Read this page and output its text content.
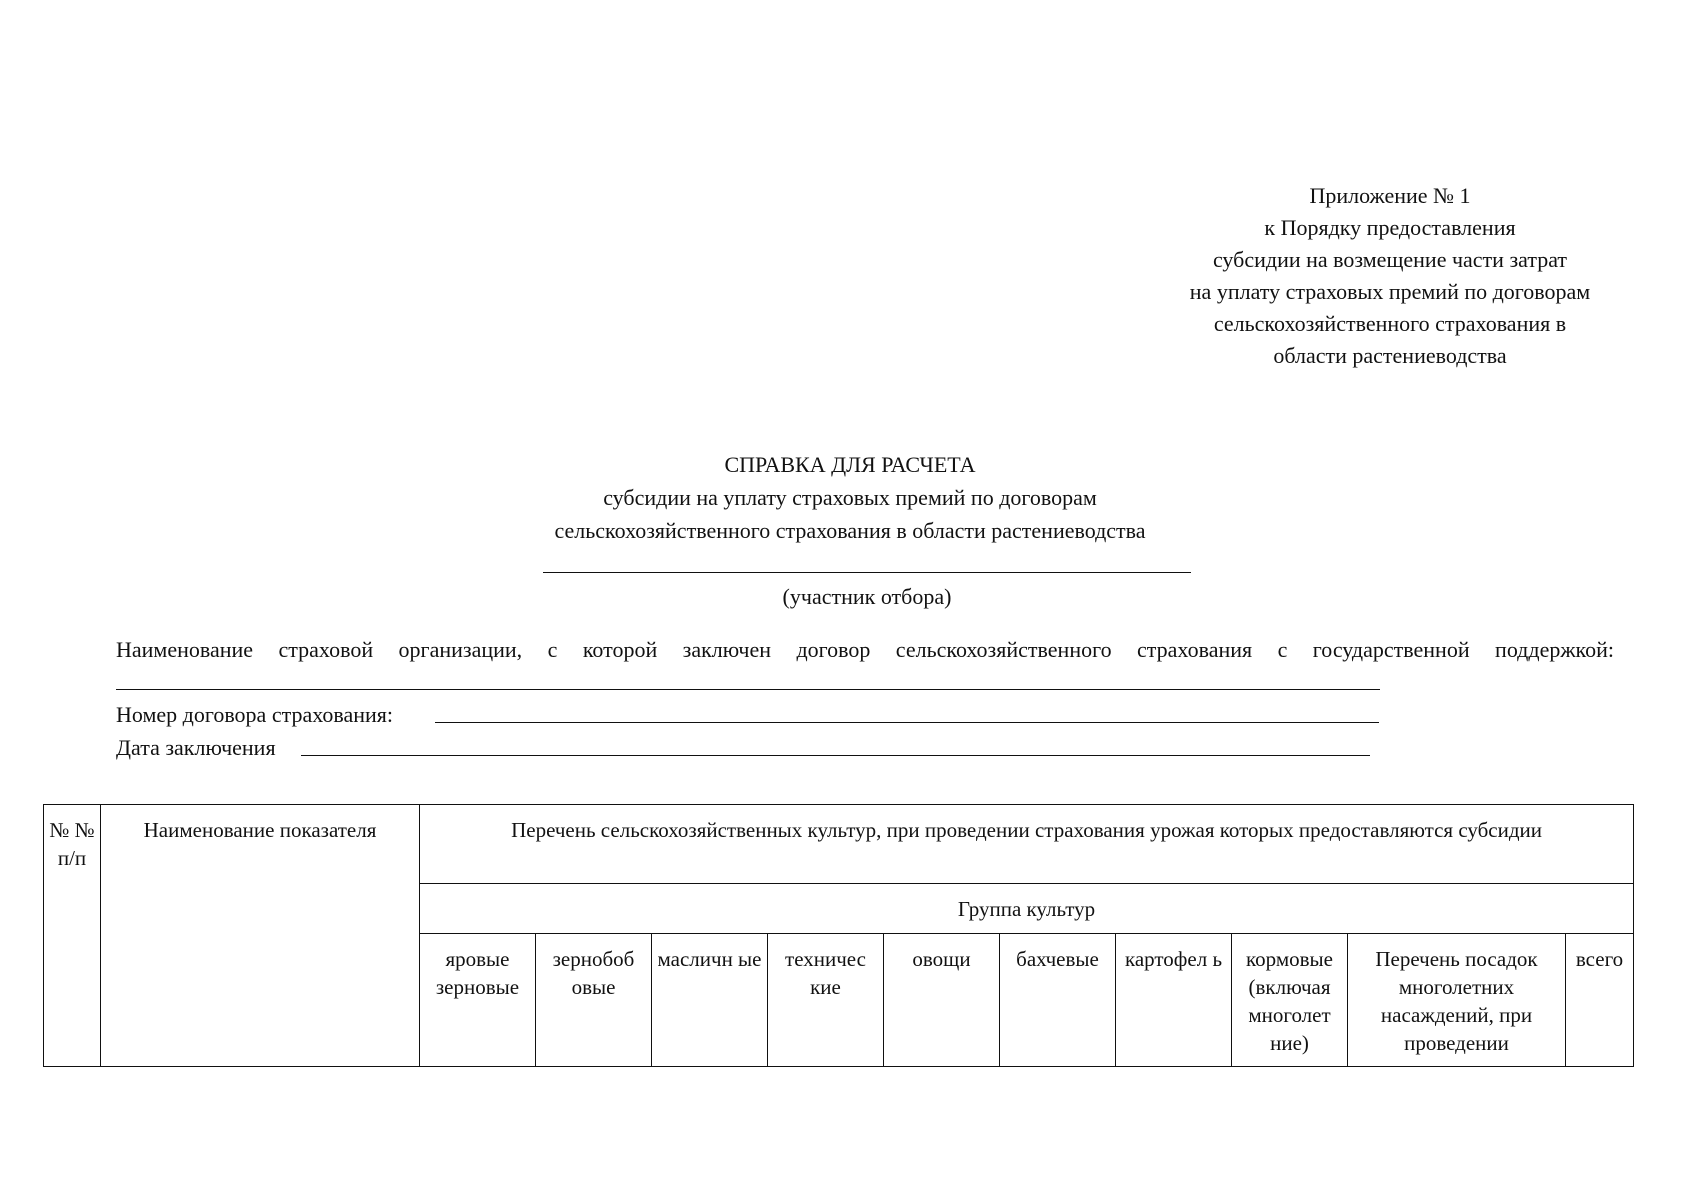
Приложение № 1
к Порядку предоставления
субсидии на возмещение части затрат
на уплату страховых премий по договорам
сельскохозяйственного страхования в
области растениеводства
СПРАВКА ДЛЯ РАСЧЕТА
субсидии на уплату страховых премий по договорам
сельскохозяйственного страхования в области растениеводства
(участник отбора)
Наименование страховой организации, с которой заключен договор сельскохозяйственного страхования с государственной поддержкой:
Номер договора страхования:
Дата заключения
№ № п/п	Наименование показателя	Перечень сельскохозяйственных культур, при проведении страхования урожая которых предоставляются субсидии									
		Группа культур									
		яровые зерновые	зернобоб овые	масличн ые	техничес кие	овощи	бахчевые	картофел ь	кормовые (включая многолет ние)	Перечень посадок многолетних насаждений, при проведении	всего
